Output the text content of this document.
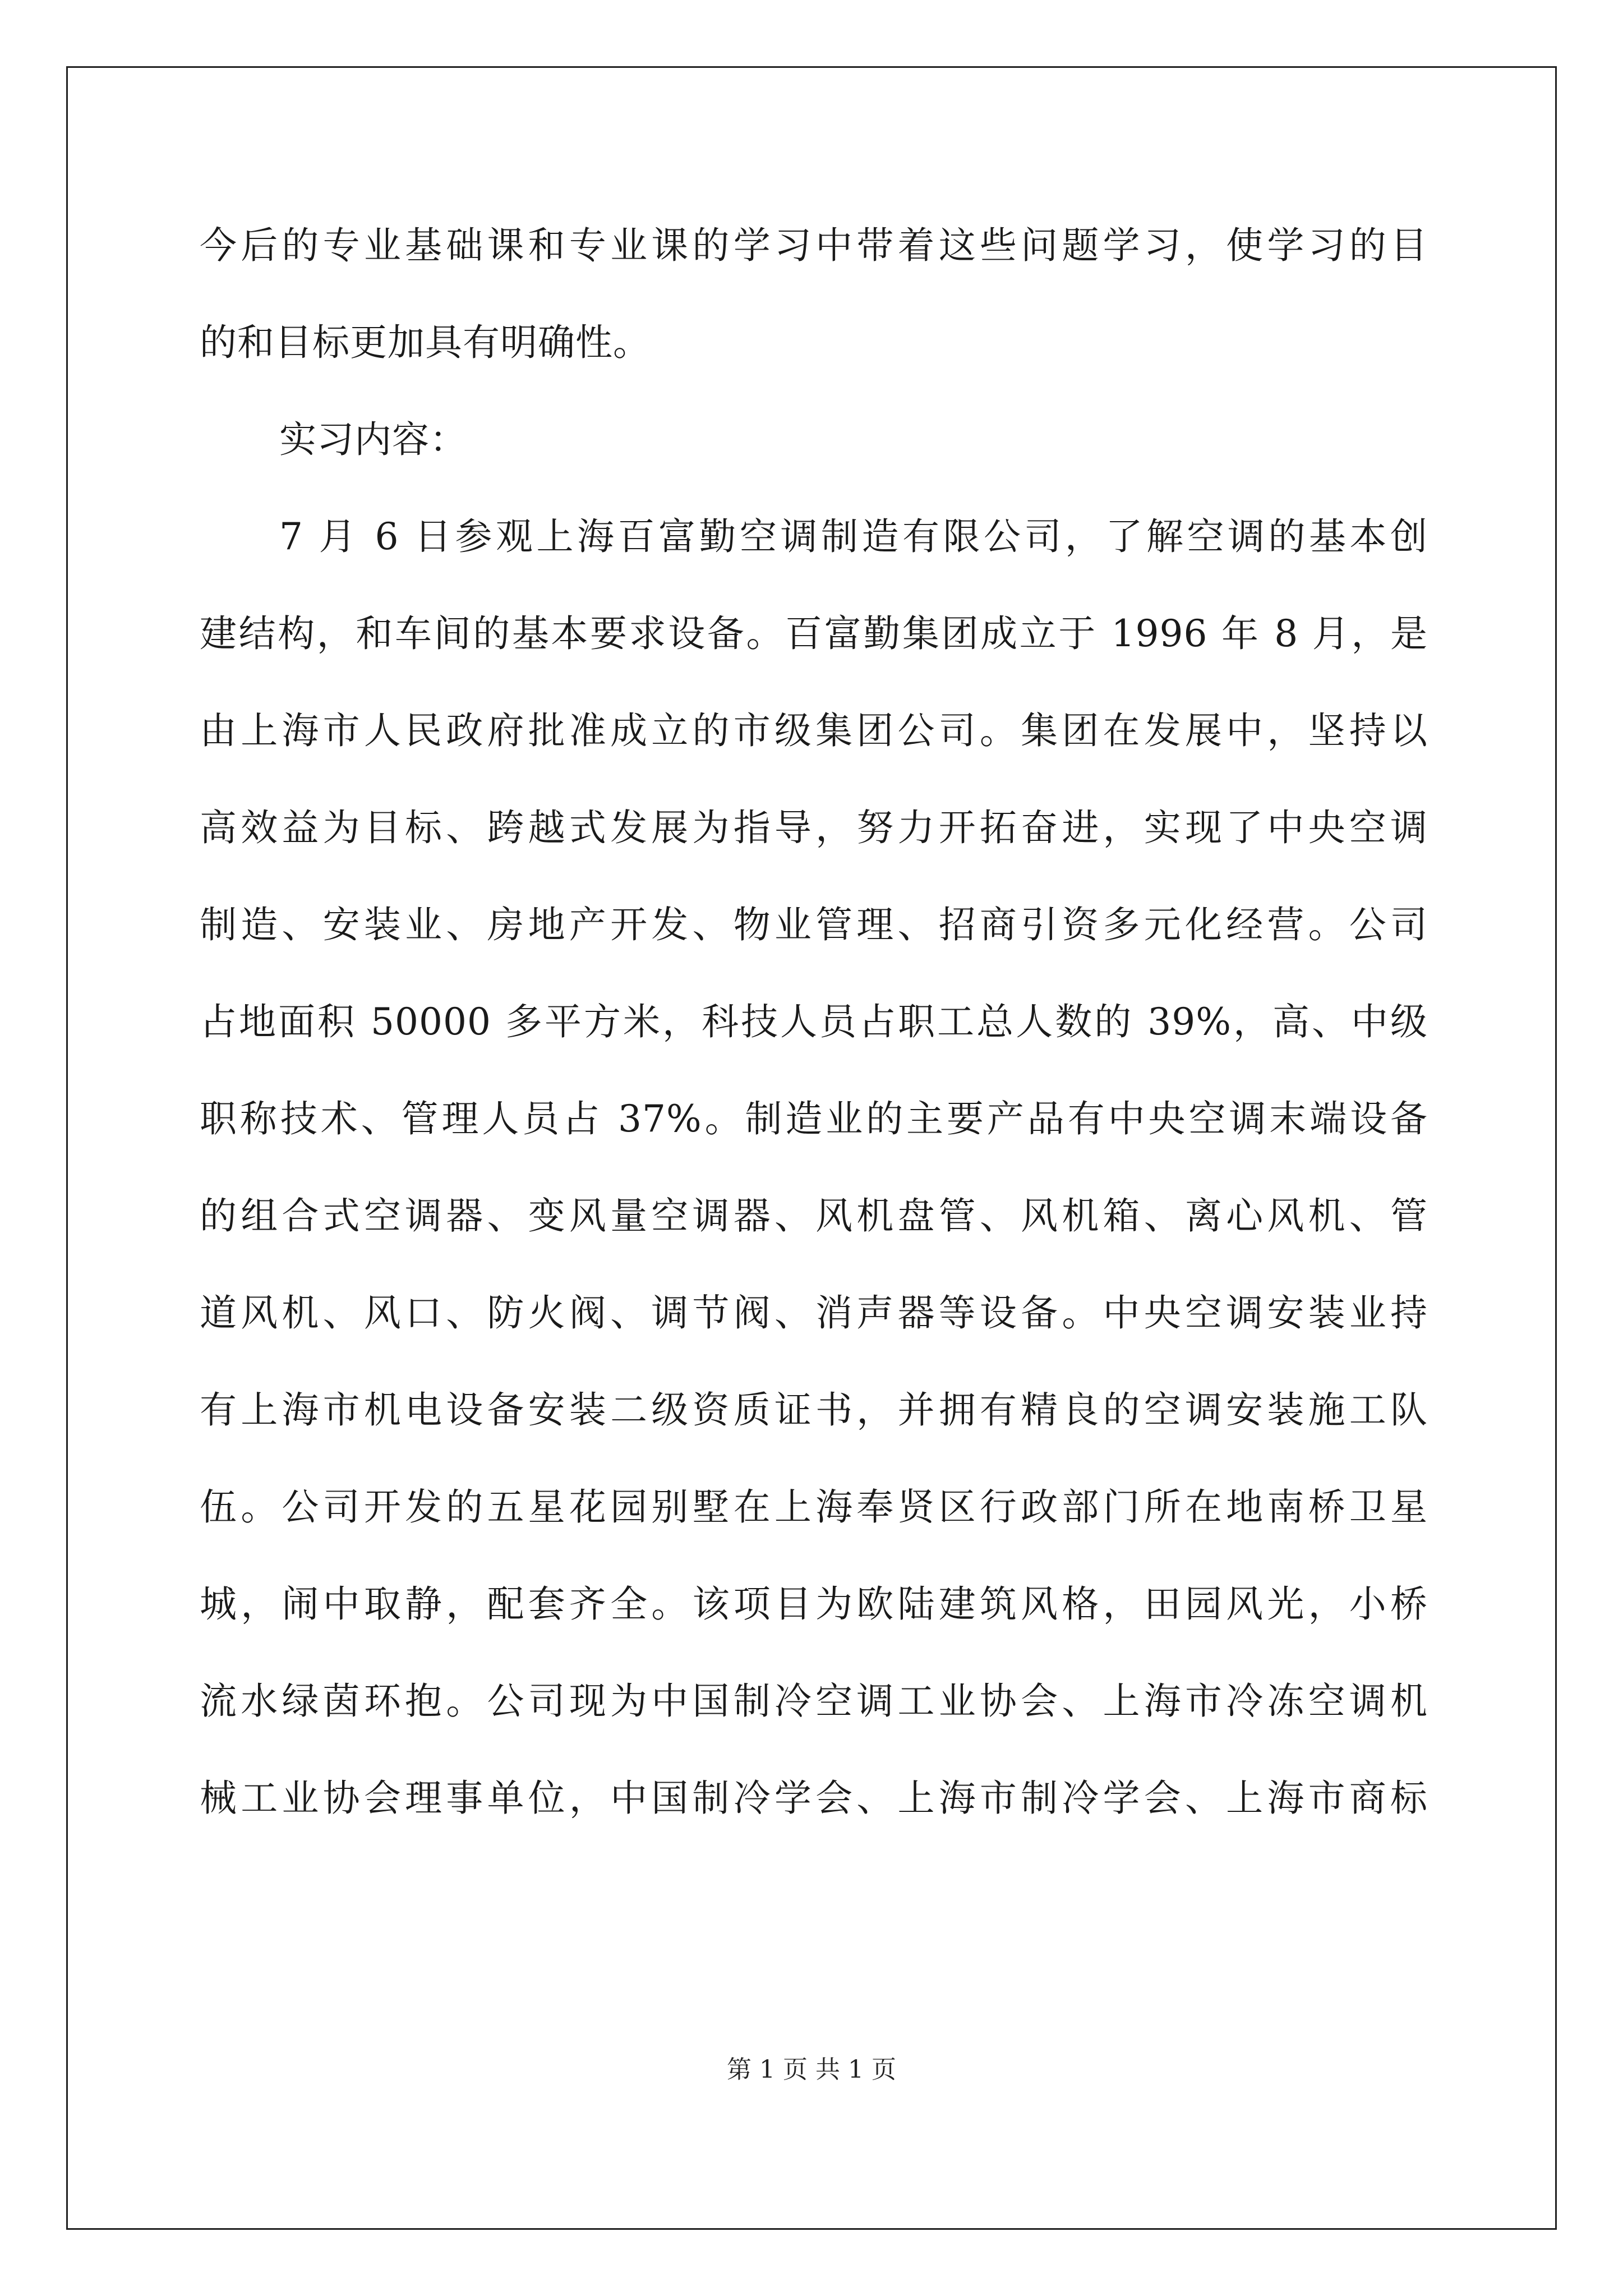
今后的专业基础课和专业课的学习中带着这些问题学习，使学习的目
的和目标更加具有明确性。
实习内容：
7 月 6 日参观上海百富勤空调制造有限公司，了解空调的基本创
建结构，和车间的基本要求设备。百富勤集团成立于 1996 年 8 月，是
由上海市人民政府批准成立的市级集团公司。集团在发展中，坚持以
高效益为目标、跨越式发展为指导，努力开拓奋进，实现了中央空调
制造、安装业、房地产开发、物业管理、招商引资多元化经营。公司
占地面积 50000 多平方米，科技人员占职工总人数的 39%，高、中级
职称技术、管理人员占 37%。制造业的主要产品有中央空调末端设备
的组合式空调器、变风量空调器、风机盘管、风机箱、离心风机、管
道风机、风口、防火阀、调节阀、消声器等设备。中央空调安装业持
有上海市机电设备安装二级资质证书，并拥有精良的空调安装施工队
伍。公司开发的五星花园别墅在上海奉贤区行政部门所在地南桥卫星
城，闹中取静，配套齐全。该项目为欧陆建筑风格，田园风光，小桥
流水绿茵环抱。公司现为中国制冷空调工业协会、上海市冷冻空调机
械工业协会理事单位，中国制冷学会、上海市制冷学会、上海市商标
第 1 页 共 1 页
